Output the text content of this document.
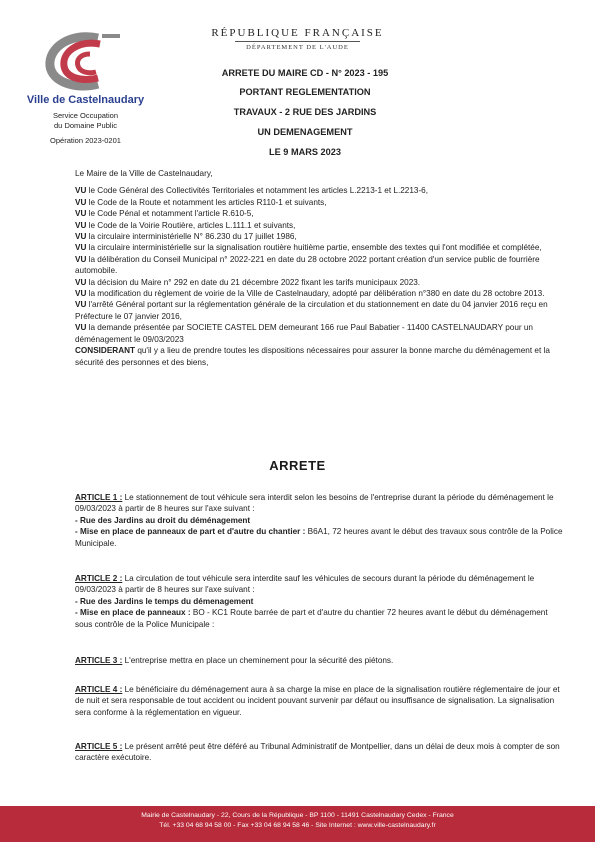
Ville de Castelnaudary
Service Occupation
du Domaine Public
Opération 2023-0201
RÉPUBLIQUE FRANÇAISE
DÉPARTEMENT DE L'AUDE
ARRETE DU MAIRE CD - N° 2023 - 195
PORTANT REGLEMENTATION
TRAVAUX - 2 RUE DES JARDINS
UN DEMENAGEMENT
LE 9 MARS 2023

Le Maire de la Ville de Castelnaudary,

VU le Code Général des Collectivités Territoriales et notamment les articles L.2213-1 et L.2213-6,

VU le Code de la Route et notamment les articles R110-1 et suivants,

VU le Code Pénal et notamment l'article R.610-5,

VU le Code de la Voirie Routière, articles L.111.1 et suivants,

VU la circulaire interministérielle N° 86.230 du 17 juillet 1986,

VU la circulaire interministérielle sur la signalisation routière huitième partie, ensemble des textes qui l'ont modifiée et complétée,

VU la délibération du Conseil Municipal n° 2022-221 en date du 28 octobre 2022 portant création d'un service public de fourrière automobile.

VU la décision du Maire n° 292 en date du 21 décembre 2022 fixant les tarifs municipaux 2023.

VU la modification du règlement de voirie de la Ville de Castelnaudary, adopté par délibération n°380 en date du 28 octobre 2013.

VU l'arrêté Général portant sur la réglementation générale de la circulation et du stationnement en date du 04 janvier 2016 reçu en Préfecture le 07 janvier 2016,

VU la demande présentée par SOCIETE CASTEL DEM demeurant 166 rue Paul Babatier - 11400 CASTELNAUDARY pour un déménagement le 09/03/2023

CONSIDERANT qu'il y a lieu de prendre toutes les dispositions nécessaires pour assurer la bonne marche du déménagement et la sécurité des personnes et des biens,

ARRETE

ARTICLE 1 : Le stationnement de tout véhicule sera interdit selon les besoins de l'entreprise durant la période du déménagement le 09/03/2023 à partir de 8 heures sur l'axe suivant :

- Rue des Jardins au droit du déménagement

- Mise en place de panneaux de part et d'autre du chantier : B6A1, 72 heures avant le début des travaux sous contrôle de la Police Municipale.

ARTICLE 2 : La circulation de tout véhicule sera interdite sauf les véhicules de secours durant la période du déménagement le 09/03/2023 à partir de 8 heures sur l'axe suivant :

- Rue des Jardins le temps du démenagement

- Mise en place de panneaux : BO - KC1 Route barrée de part et d'autre du chantier 72 heures avant le début du déménagement sous contrôle de la Police Municipale :

ARTICLE 3 : L'entreprise mettra en place un cheminement pour la sécurité des piétons.

ARTICLE 4 : Le bénéficiaire du déménagement aura à sa charge la mise en place de la signalisation routière réglementaire de jour et de nuit et sera responsable de tout accident ou incident pouvant survenir par défaut ou insuffisance de signalisation. La signalisation sera conforme à la réglementation en vigueur.

ARTICLE 5 : Le présent arrêté peut être déféré au Tribunal Administratif de Montpellier, dans un délai de deux mois à compter de son caractère exécutoire.

Mairie de Castelnaudary - 22, Cours de la République - BP 1100 - 11491 Castelnaudary Cedex - France
Tél. +33 04 68 94 58 00 - Fax +33 04 68 94 58 46 - Site Internet : www.ville-castelnaudary.fr
